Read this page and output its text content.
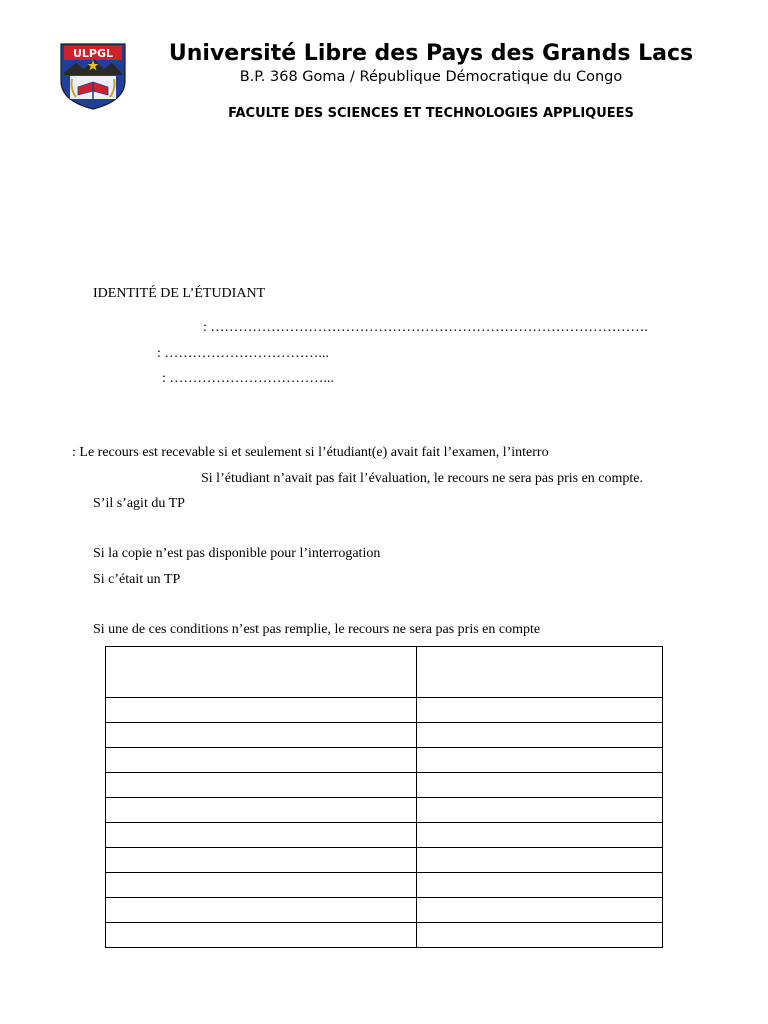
ULPGL	Université Libre des Pays des Grands Lacs
B.P. 368 Goma / République Démocratique du Congo
FACULTE DES SCIENCES ET TECHNOLOGIES APPLIQUEES
IDENTITÉ DE L’ÉTUDIANT
: ………………………………………………………………………………….
: ……………………………...
: ……………………………...
: Le recours est recevable si et seulement si l’étudiant(e) avait fait l’examen, l’interro
Si l’étudiant n’avait pas fait l’évaluation, le recours ne sera pas pris en compte.
S’il s’agit du TP
Si la copie n’est pas disponible pour l’interrogation
Si c’était un TP
Si une de ces conditions n’est pas remplie, le recours ne sera pas pris en compte
